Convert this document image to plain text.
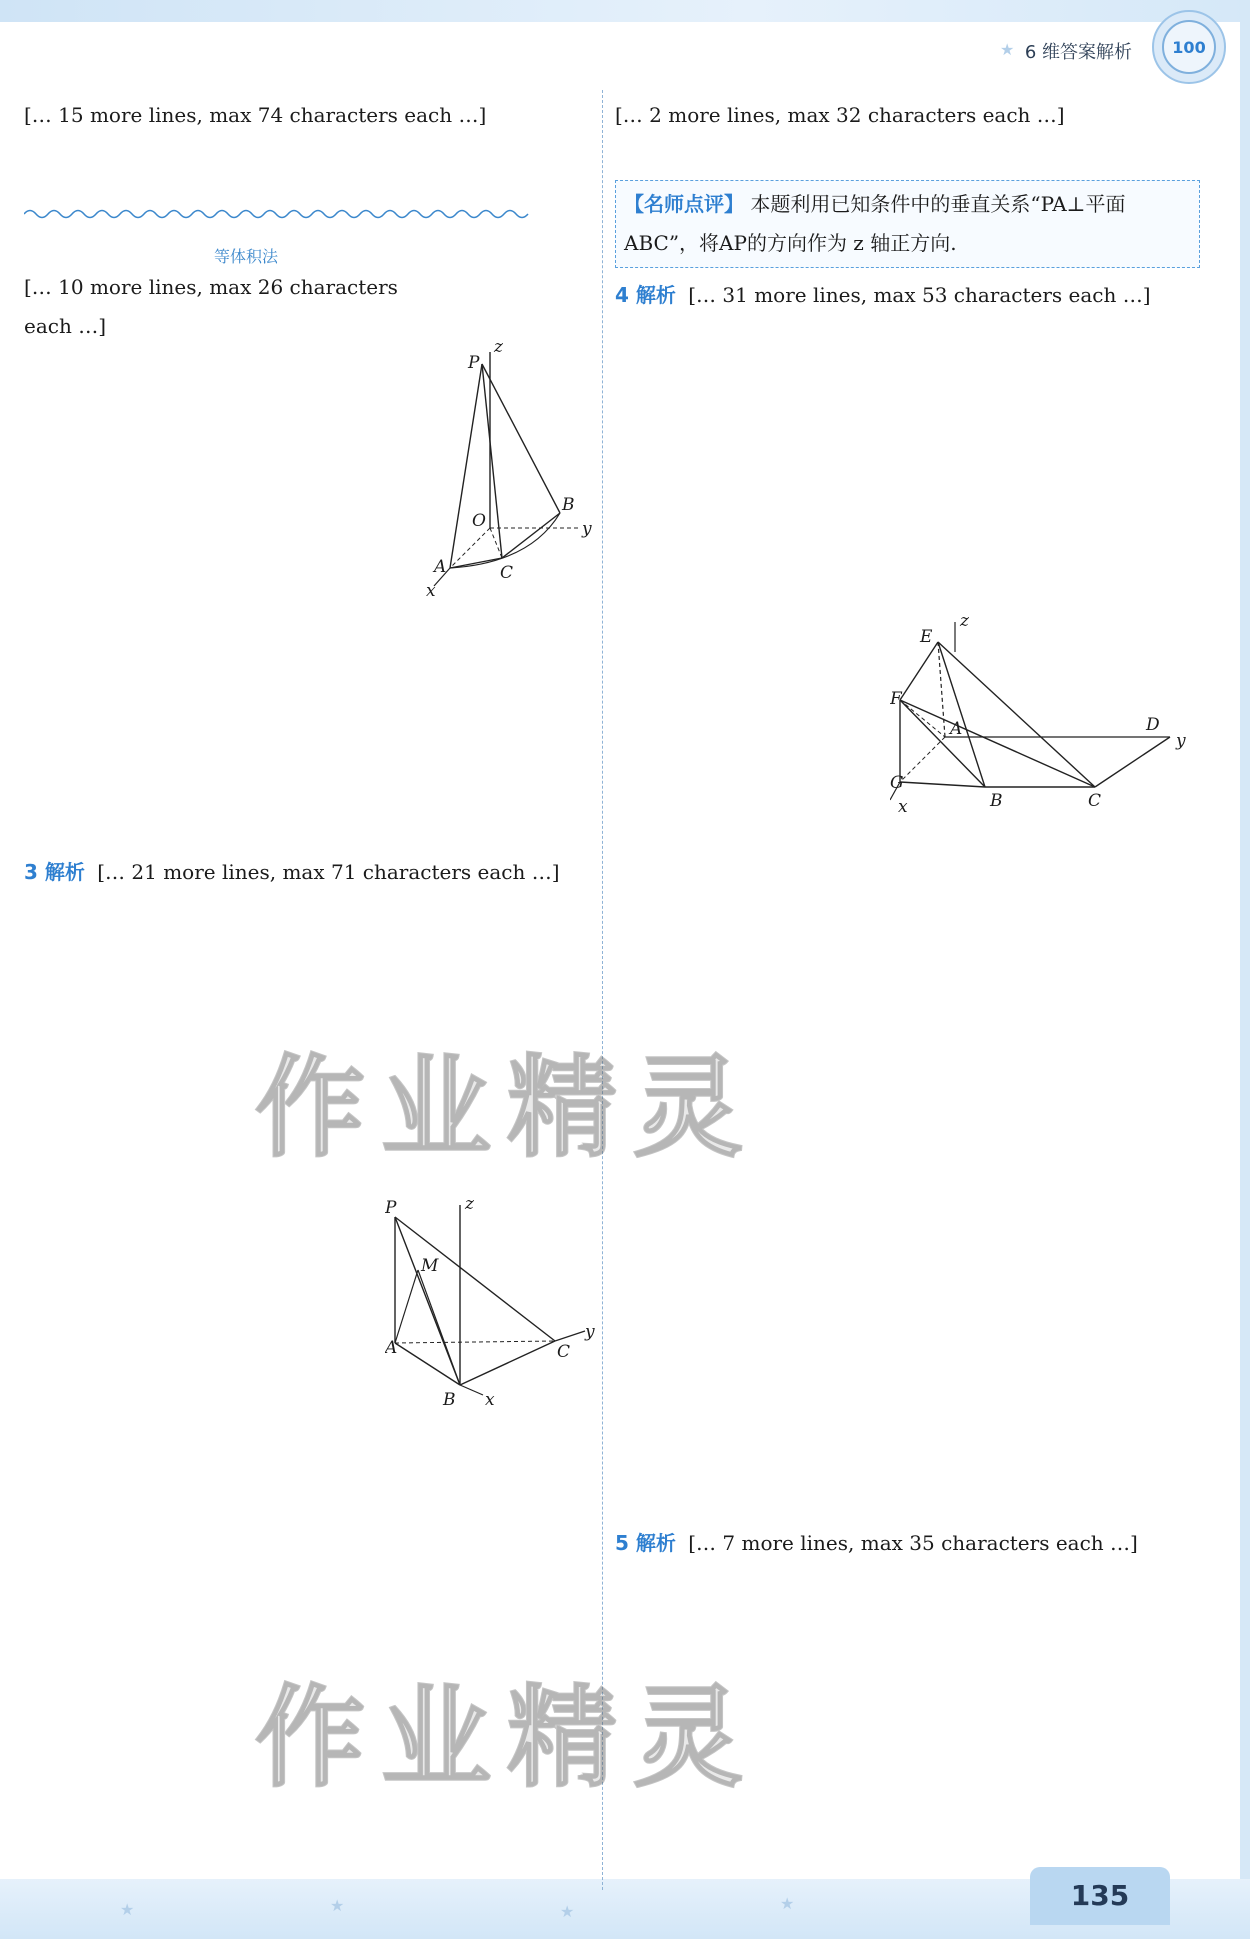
6 维答案解析	100
★	★	★	★
★
135
[… 15 more lines, max 74 characters each …]
等体积法
[… 10 more lines, max 26 characters each …]
3 解析 [… 21 more lines, max 71 characters each …]
z
P
O
B
y
A	C
x
P	z
M
A	C
y
B x
[… 2 more lines, max 32 characters each …]
【名师点评】 本题利用已知条件中的垂直关系“PA⊥平面 ABC”，将AP的方向作为 z 轴正方向.
4 解析 [… 31 more lines, max 53 characters each …]
5 解析 [… 7 more lines, max 35 characters each …]
z
E
F
D
A
y
G
B	C
x
作业精灵
作业精灵
